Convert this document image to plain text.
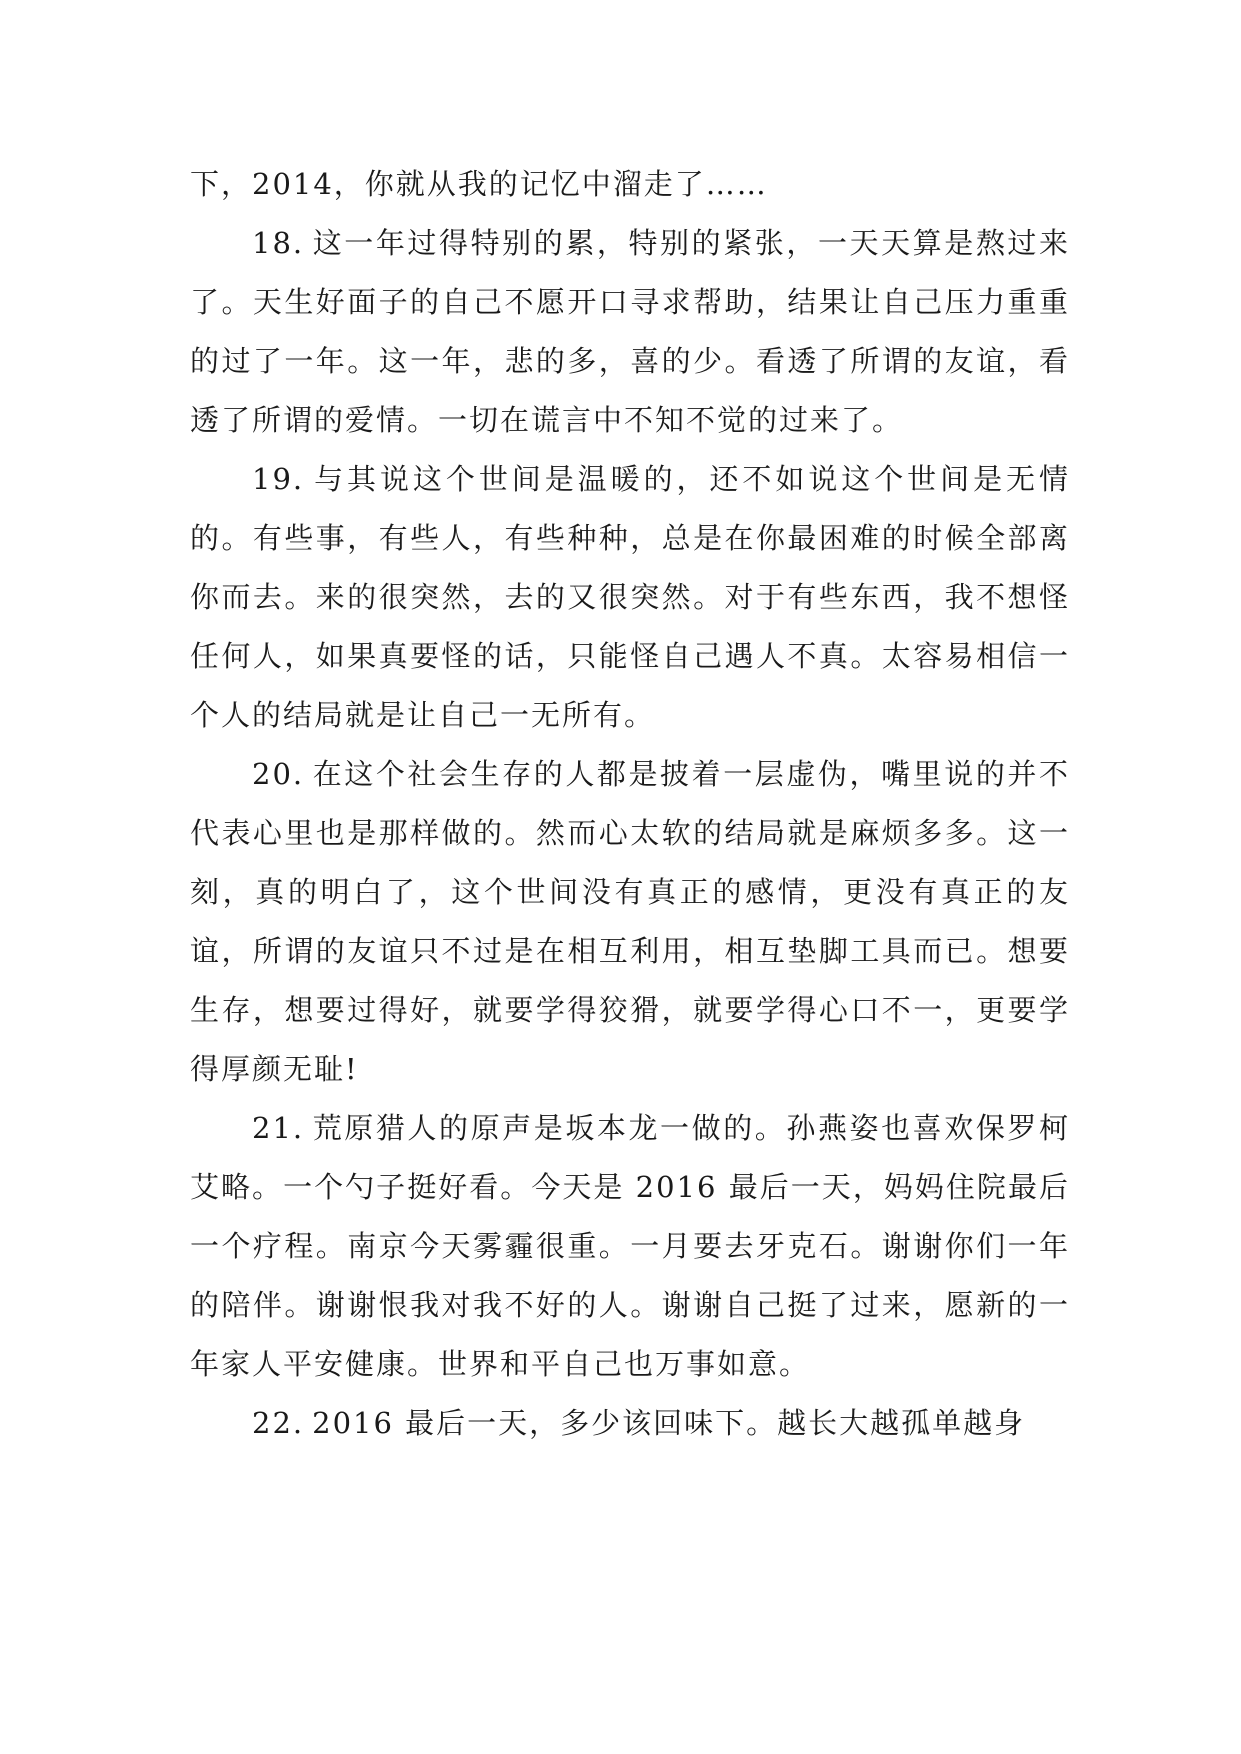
下，2014，你就从我的记忆中溜走了……

18. 这一年过得特别的累，特别的紧张，一天天算是熬过来了。天生好面子的自己不愿开口寻求帮助，结果让自己压力重重的过了一年。这一年，悲的多，喜的少。看透了所谓的友谊，看透了所谓的爱情。一切在谎言中不知不觉的过来了。

19. 与其说这个世间是温暖的，还不如说这个世间是无情的。有些事，有些人，有些种种，总是在你最困难的时候全部离你而去。来的很突然，去的又很突然。对于有些东西，我不想怪任何人，如果真要怪的话，只能怪自己遇人不真。太容易相信一个人的结局就是让自己一无所有。

20. 在这个社会生存的人都是披着一层虚伪，嘴里说的并不代表心里也是那样做的。然而心太软的结局就是麻烦多多。这一刻，真的明白了，这个世间没有真正的感情，更没有真正的友谊，所谓的友谊只不过是在相互利用，相互垫脚工具而已。想要生存，想要过得好，就要学得狡猾，就要学得心口不一，更要学得厚颜无耻!

21. 荒原猎人的原声是坂本龙一做的。孙燕姿也喜欢保罗柯艾略。一个勺子挺好看。今天是 2016 最后一天，妈妈住院最后一个疗程。南京今天雾霾很重。一月要去牙克石。谢谢你们一年的陪伴。谢谢恨我对我不好的人。谢谢自己挺了过来，愿新的一年家人平安健康。世界和平自己也万事如意。

22. 2016 最后一天，多少该回味下。越长大越孤单越身
